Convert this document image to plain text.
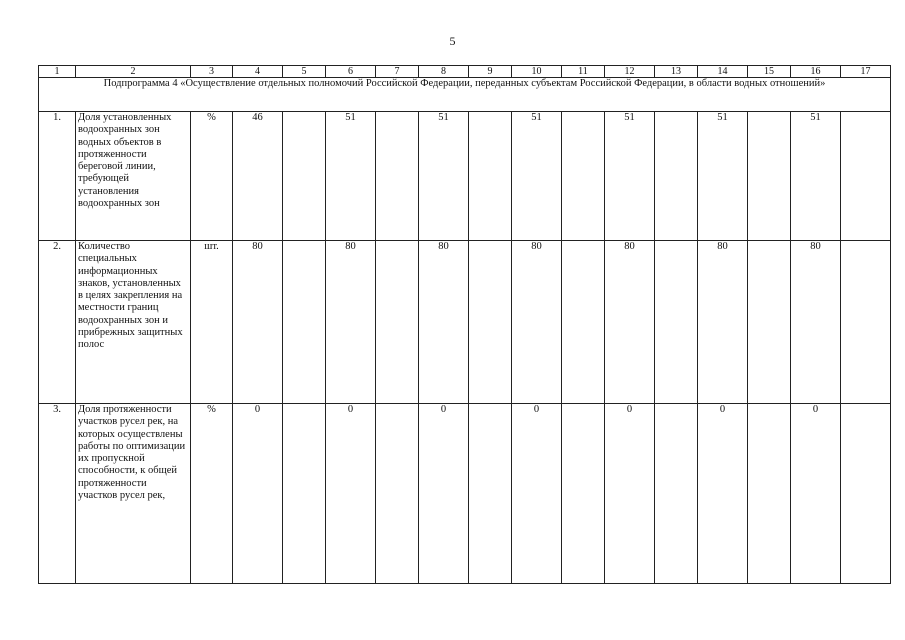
5
1	2	3	4	5	6	7	8	9	10	11	12	13	14	15	16	17
Подпрограмма 4 «Осуществление отдельных полномочий Российской Федерации, переданных субъектам Российской Федерации, в области водных отношений»																
1.	Доля установленных водоохранных зон водных объектов в протяженности береговой линии, требующей установления водоохранных зон	%	46		51		51		51		51		51		51	
2.	Количество специальных информационных знаков, установленных в целях закрепления на местности границ водоохранных зон и прибрежных защитных полос	шт.	80		80		80		80		80		80		80	
3.	Доля протяженности участков русел рек, на которых осуществлены работы по оптимизации их пропускной способности, к общей протяженности участков русел рек,	%	0		0		0		0		0		0		0	
